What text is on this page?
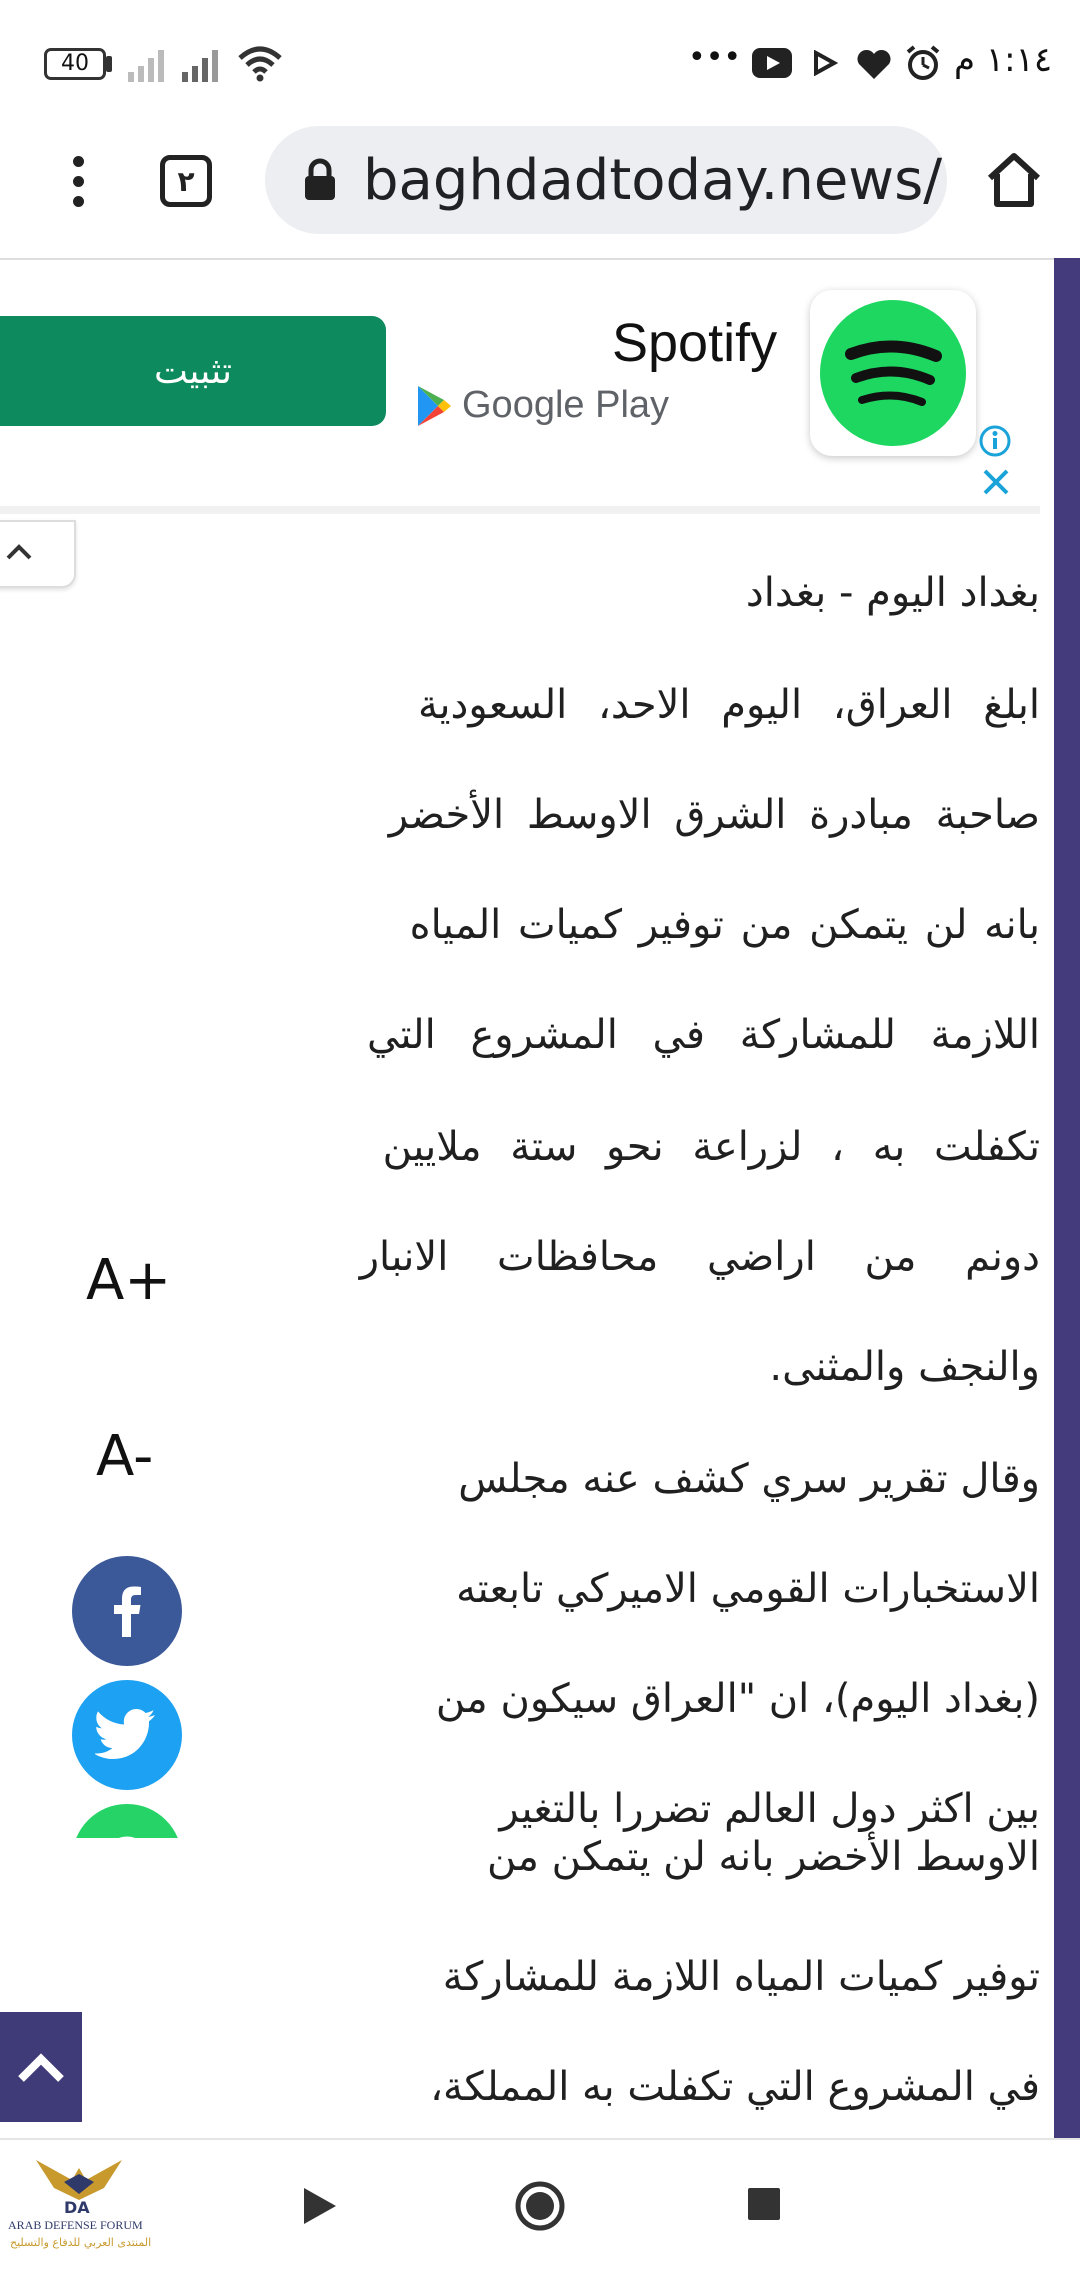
40	•••	١:١٤ م
٢	baghdadtoday.news/
تثبيت	Spotify
Google Play
بغداد اليوم - بغداد
ابلغ العراق، اليوم الاحد، السعودية
صاحبة مبادرة الشرق الاوسط الأخضر
بانه لن يتمكن من توفير كميات المياه
اللازمة للمشاركة في المشروع التي
تكفلت به ، لزراعة نحو ستة ملايين
دونم من اراضي محافظات الانبار
والنجف والمثنى.
وقال تقرير سري كشف عنه مجلس
الاستخبارات القومي الاميركي تابعته
(بغداد اليوم)، ان "العراق سيكون من
بين اكثر دول العالم تضررا بالتغير
الاوسط الأخضر بانه لن يتمكن من
توفير كميات المياه اللازمة للمشاركة
في المشروع التي تكفلت به المملكة،
A+
A-
DA
ARAB DEFENSE FORUM
المنتدى العربي للدفاع والتسليح
